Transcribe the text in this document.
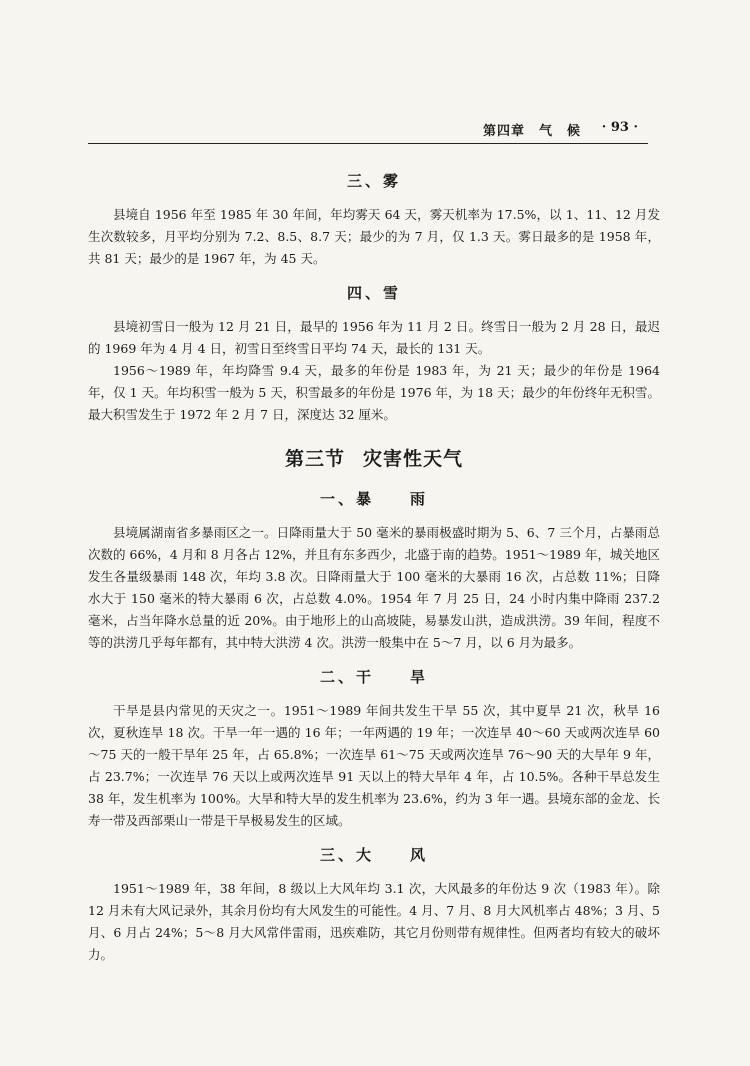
第四章　气　候 · 93 ·
三、雾

县境自 1956 年至 1985 年 30 年间，年均雾天 64 天，雾天机率为 17.5%，以 1、11、12 月发生次数较多，月平均分别为 7.2、8.5、8.7 天；最少的为 7 月，仅 1.3 天。雾日最多的是 1958 年，共 81 天；最少的是 1967 年，为 45 天。

四、雪

县境初雪日一般为 12 月 21 日，最早的 1956 年为 11 月 2 日。终雪日一般为 2 月 28 日，最迟的 1969 年为 4 月 4 日，初雪日至终雪日平均 74 天，最长的 131 天。

1956～1989 年，年均降雪 9.4 天，最多的年份是 1983 年，为 21 天；最少的年份是 1964 年，仅 1 天。年均积雪一般为 5 天，积雪最多的年份是 1976 年，为 18 天；最少的年份终年无积雪。最大积雪发生于 1972 年 2 月 7 日，深度达 32 厘米。

第三节 灾害性天气
一、暴　　雨

县境属湖南省多暴雨区之一。日降雨量大于 50 毫米的暴雨极盛时期为 5、6、7 三个月，占暴雨总次数的 66%，4 月和 8 月各占 12%，并且有东多西少，北盛于南的趋势。1951～1989 年，城关地区发生各量级暴雨 148 次，年均 3.8 次。日降雨量大于 100 毫米的大暴雨 16 次，占总数 11%；日降水大于 150 毫米的特大暴雨 6 次，占总数 4.0%。1954 年 7 月 25 日，24 小时内集中降雨 237.2 毫米，占当年降水总量的近 20%。由于地形上的山高坡陡，易暴发山洪，造成洪涝。39 年间，程度不等的洪涝几乎每年都有，其中特大洪涝 4 次。洪涝一般集中在 5～7 月，以 6 月为最多。

二、干　　旱

干旱是县内常见的天灾之一。1951～1989 年间共发生干旱 55 次，其中夏旱 21 次，秋旱 16 次，夏秋连旱 18 次。干旱一年一遇的 16 年；一年两遇的 19 年；一次连旱 40～60 天或两次连旱 60～75 天的一般干旱年 25 年，占 65.8%；一次连旱 61～75 天或两次连旱 76～90 天的大旱年 9 年，占 23.7%；一次连旱 76 天以上或两次连旱 91 天以上的特大旱年 4 年，占 10.5%。各种干旱总发生 38 年，发生机率为 100%。大旱和特大旱的发生机率为 23.6%，约为 3 年一遇。县境东部的金龙、长寿一带及西部栗山一带是干旱极易发生的区域。

三、大　　风

1951～1989 年，38 年间，8 级以上大风年均 3.1 次，大风最多的年份达 9 次（1983 年）。除 12 月未有大风记录外，其余月份均有大风发生的可能性。4 月、7 月、8 月大风机率占 48%；3 月、5 月、6 月占 24%；5～8 月大风常伴雷雨，迅疾难防，其它月份则带有规律性。但两者均有较大的破坏力。
